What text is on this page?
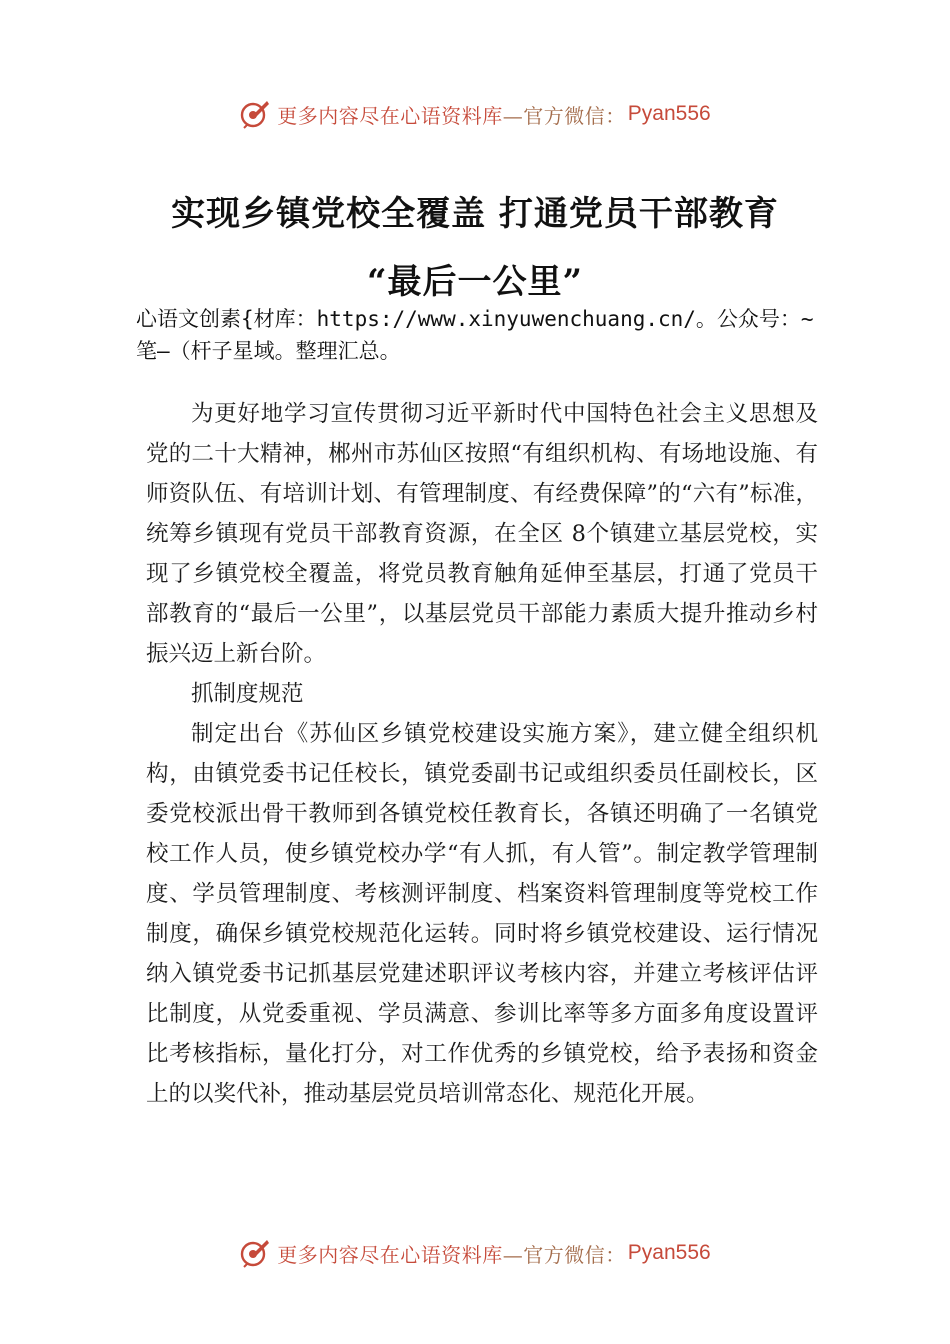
更多内容尽在心语资料库 —官方微信： Pyan556
实现乡镇党校全覆盖 打通党员干部教育
“最后一公里”
心语文创素{材库：https://www.xinyuwenchuang.cn/。公众号：~笔—（杆子星域。整理汇总。

为更好地学习宣传贯彻习近平新时代中国特色社会主义思想及党的二十大精神，郴州市苏仙区按照“有组织机构、有场地设施、有师资队伍、有培训计划、有管理制度、有经费保障”的“六有”标准，统筹乡镇现有党员干部教育资源，在全区 8个镇建立基层党校，实现了乡镇党校全覆盖，将党员教育触角延伸至基层，打通了党员干部教育的“最后一公里”，以基层党员干部能力素质大提升推动乡村振兴迈上新台阶。

抓制度规范

制定出台《苏仙区乡镇党校建设实施方案》，建立健全组织机构，由镇党委书记任校长，镇党委副书记或组织委员任副校长，区委党校派出骨干教师到各镇党校任教育长，各镇还明确了一名镇党校工作人员，使乡镇党校办学“有人抓，有人管”。制定教学管理制度、学员管理制度、考核测评制度、档案资料管理制度等党校工作制度，确保乡镇党校规范化运转。同时将乡镇党校建设、运行情况纳入镇党委书记抓基层党建述职评议考核内容，并建立考核评估评比制度，从党委重视、学员满意、参训比率等多方面多角度设置评比考核指标，量化打分，对工作优秀的乡镇党校，给予表扬和资金上的以奖代补，推动基层党员培训常态化、规范化开展。

更多内容尽在心语资料库 —官方微信： Pyan556
